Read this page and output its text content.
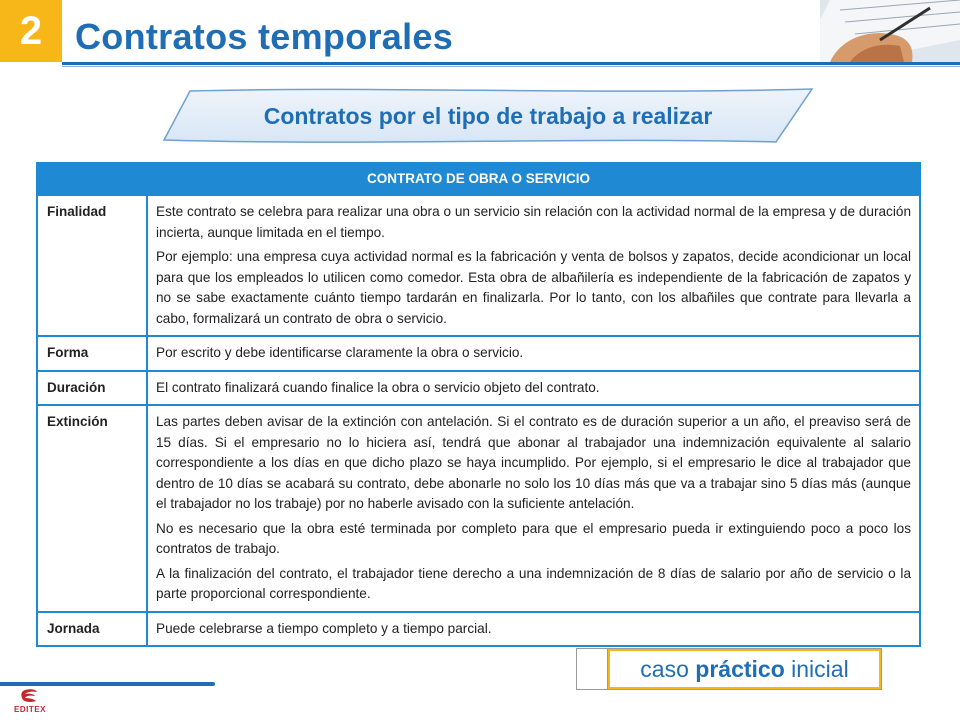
2 Contratos temporales
Contratos por el tipo de trabajo a realizar
CONTRATO DE OBRA O SERVICIO
Finalidad	Este contrato se celebra para realizar una obra o un servicio sin relación con la actividad normal de la empresa y de duración incierta, aunque limitada en el tiempo.

Por ejemplo: una empresa cuya actividad normal es la fabricación y venta de bolsos y zapatos, decide acondicionar un local para que los empleados lo utilicen como comedor. Esta obra de albañilería es independiente de la fabricación de zapatos y no se sabe exactamente cuánto tiempo tardarán en finalizarla. Por lo tanto, con los albañiles que contrate para llevarla a cabo, formalizará un contrato de obra o servicio.

Forma	Por escrito y debe identificarse claramente la obra o servicio.

Duración	El contrato finalizará cuando finalice la obra o servicio objeto del contrato.

Extinción	Las partes deben avisar de la extinción con antelación. Si el contrato es de duración superior a un año, el preaviso será de 15 días. Si el empresario no lo hiciera así, tendrá que abonar al trabajador una indemnización equivalente al salario correspondiente a los días en que dicho plazo se haya incumplido. Por ejemplo, si el empresario le dice al trabajador que dentro de 10 días se acabará su contrato, debe abonarle no solo los 10 días más que va a trabajar sino 5 días más (aunque el trabajador no los trabaje) por no haberle avisado con la suficiente antelación.

No es necesario que la obra esté terminada por completo para que el empresario pueda ir extinguiendo poco a poco los contratos de trabajo.

A la finalización del contrato, el trabajador tiene derecho a una indemnización de 8 días de salario por año de servicio o la parte proporcional correspondiente.

Jornada	Puede celebrarse a tiempo completo y a tiempo parcial.

caso
práctico
inicial
EDITEX
